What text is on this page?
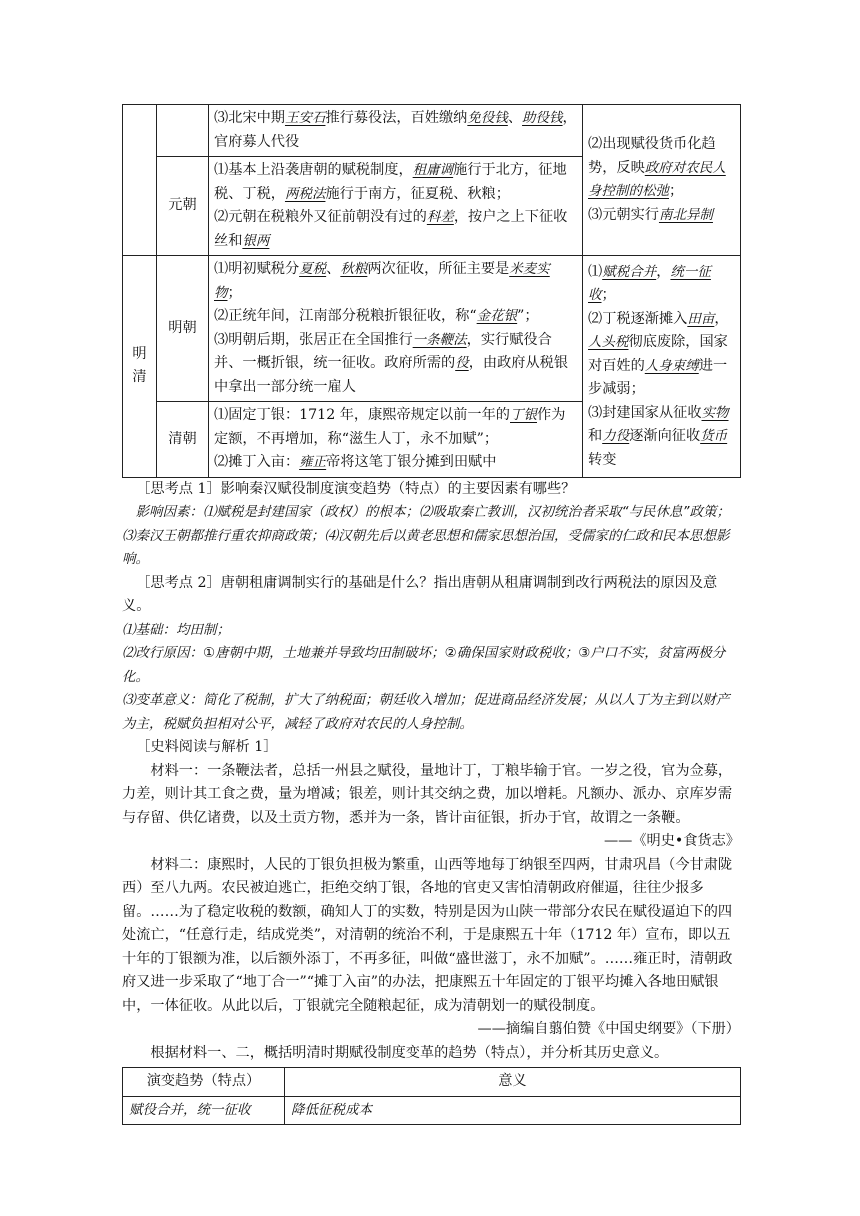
		⑶北宋中期王安石推行募役法，百姓缴纳免役钱、助役钱，官府募人代役	⑵出现赋役货币化趋势，反映政府对农民人身控制的松弛；
⑶元朝实行南北异制
	元朝	⑴基本上沿袭唐朝的赋税制度，租庸调施行于北方，征地税、丁税，两税法施行于南方，征夏税、秋粮；
⑵元朝在税粮外又征前朝没有过的科差，按户之上下征收丝和银两	
明清	明朝	⑴明初赋税分夏税、秋粮两次征收，所征主要是米麦实物；
⑵正统年间，江南部分税粮折银征收，称“金花银”；
⑶明朝后期，张居正在全国推行一条鞭法，实行赋役合并、一概折银，统一征收。政府所需的役，由政府从税银中拿出一部分统一雇人	⑴赋税合并，统一征收；
⑵丁税逐渐摊入田亩，人头税彻底废除，国家对百姓的人身束缚进一步减弱；
⑶封建国家从征收实物和力役逐渐向征收货币转变
	清朝	⑴固定丁银：1712 年，康熙帝规定以前一年的丁银作为定额，不再增加，称“滋生人丁，永不加赋”；
⑵摊丁入亩：雍正帝将这笔丁银分摊到田赋中	

［思考点 1］影响秦汉赋役制度演变趋势（特点）的主要因素有哪些？

影响因素：⑴赋税是封建国家（政权）的根本；⑵吸取秦亡教训，汉初统治者采取“与民休息”政策；⑶秦汉王朝都推行重农抑商政策；⑷汉朝先后以黄老思想和儒家思想治国，受儒家的仁政和民本思想影响。

［思考点 2］唐朝租庸调制实行的基础是什么？指出唐朝从租庸调制到改行两税法的原因及意义。

⑴基础：均田制；

⑵改行原因：①唐朝中期，土地兼并导致均田制破坏；②确保国家财政税收；③户口不实，贫富两极分化。

⑶变革意义：简化了税制，扩大了纳税面；朝廷收入增加；促进商品经济发展；从以人丁为主到以财产为主，税赋负担相对公平，减轻了政府对农民的人身控制。

［史料阅读与解析 1］

材料一：一条鞭法者，总括一州县之赋役，量地计丁，丁粮毕输于官。一岁之役，官为佥募，力差，则计其工食之费，量为增减；银差，则计其交纳之费，加以增耗。凡额办、派办、京库岁需与存留、供亿诸费，以及土贡方物，悉并为一条，皆计亩征银，折办于官，故谓之一条鞭。

——《明史•食货志》

材料二：康熙时，人民的丁银负担极为繁重，山西等地每丁纳银至四两，甘肃巩昌（今甘肃陇西）至八九两。农民被迫逃亡，拒绝交纳丁银，各地的官吏又害怕清朝政府催逼，往往少报多留。……为了稳定收税的数额，确知人丁的实数，特别是因为山陕一带部分农民在赋役逼迫下的四处流亡，“任意行走，结成党类”，对清朝的统治不利，于是康熙五十年（1712 年）宣布，即以五十年的丁银额为准，以后额外添丁，不再多征，叫做“盛世滋丁，永不加赋”。……雍正时，清朝政府又进一步采取了“地丁合一”“摊丁入亩”的办法，把康熙五十年固定的丁银平均摊入各地田赋银中，一体征收。从此以后，丁银就完全随粮起征，成为清朝划一的赋役制度。

——摘编自翦伯赞《中国史纲要》（下册）

根据材料一、二，概括明清时期赋役制度变革的趋势（特点），并分析其历史意义。

演变趋势（特点）	意义
赋役合并，统一征收	降低征税成本
